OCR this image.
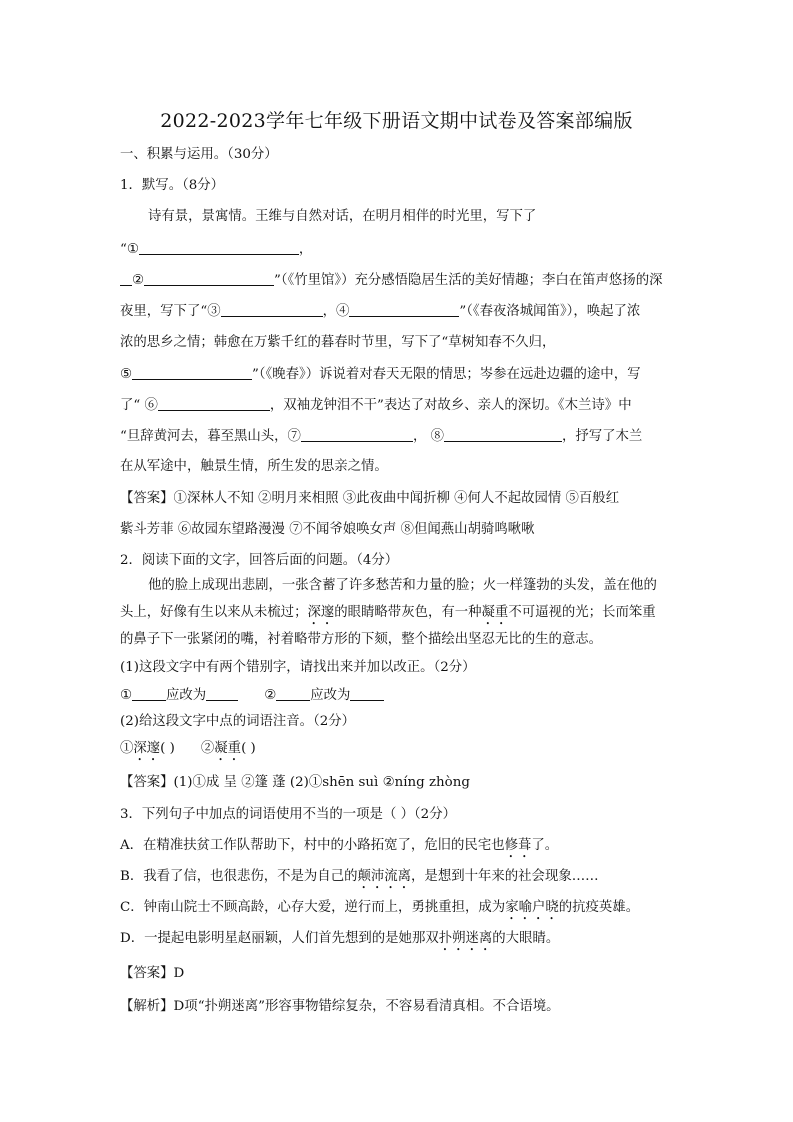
2022-2023学年七年级下册语文期中试卷及答案部编版
一、积累与运用。（30分）
1．默写。（8分）
诗有景，景寓情。王维与自然对话，在明月相伴的时光里，写下了
“①	，
②	”（《竹里馆》）充分感悟隐居生活的美好情趣；李白在笛声悠扬的深
夜里，写下了“③	，④	”（《春夜洛城闻笛》），唤起了浓
浓的思乡之情；韩愈在万紫千红的暮春时节里，写下了“草树知春不久归，
⑤	”（《晚春》）诉说着对春天无限的情思；岑参在远赴边疆的途中，写
了“ ⑥	，双袖龙钟泪不干”表达了对故乡、亲人的深切。《木兰诗》中
“旦辞黄河去，暮至黑山头，⑦	， ⑧	，抒写了木兰
在从军途中，触景生情，所生发的思亲之情。
【答案】①深林人不知 ②明月来相照 ③此夜曲中闻折柳 ④何人不起故园情 ⑤百般红
紫斗芳菲 ⑥故园东望路漫漫 ⑦不闻爷娘唤女声 ⑧但闻燕山胡骑鸣啾啾
2．阅读下面的文字，回答后面的问题。（4分）
他的脸上成现出悲剧，一张含蓄了许多愁苦和力量的脸；火一样篷勃的头发，盖在他的
头上，好像有生以来从未梳过；深邃的眼睛略带灰色，有一种凝重不可逼视的光；长而笨重
的鼻子下一张紧闭的嘴，衬着略带方形的下颏，整个描绘出坚忍无比的生的意志。
(1)这段文字中有两个错别字，请找出来并加以改正。（2分）
①	应改为	②	应改为
(2)给这段文字中点的词语注音。（2分）
①深邃( ) ②凝重( )
【答案】(1)①成 呈 ②篷 蓬 (2)①shēn suì ②níng zhòng
3．下列句子中加点的词语使用不当的一项是（ ）（2分）
A．在精准扶贫工作队帮助下，村中的小路拓宽了，危旧的民宅也修葺了。
B．我看了信，也很悲伤，不是为自己的颠沛流离，是想到十年来的社会现象……
C．钟南山院士不顾高龄，心存大爱，逆行而上，勇挑重担，成为家喻户晓的抗疫英雄。
D．一提起电影明星赵丽颖，人们首先想到的是她那双扑朔迷离的大眼睛。
【答案】D
【解析】D项“扑朔迷离”形容事物错综复杂，不容易看清真相。不合语境。
